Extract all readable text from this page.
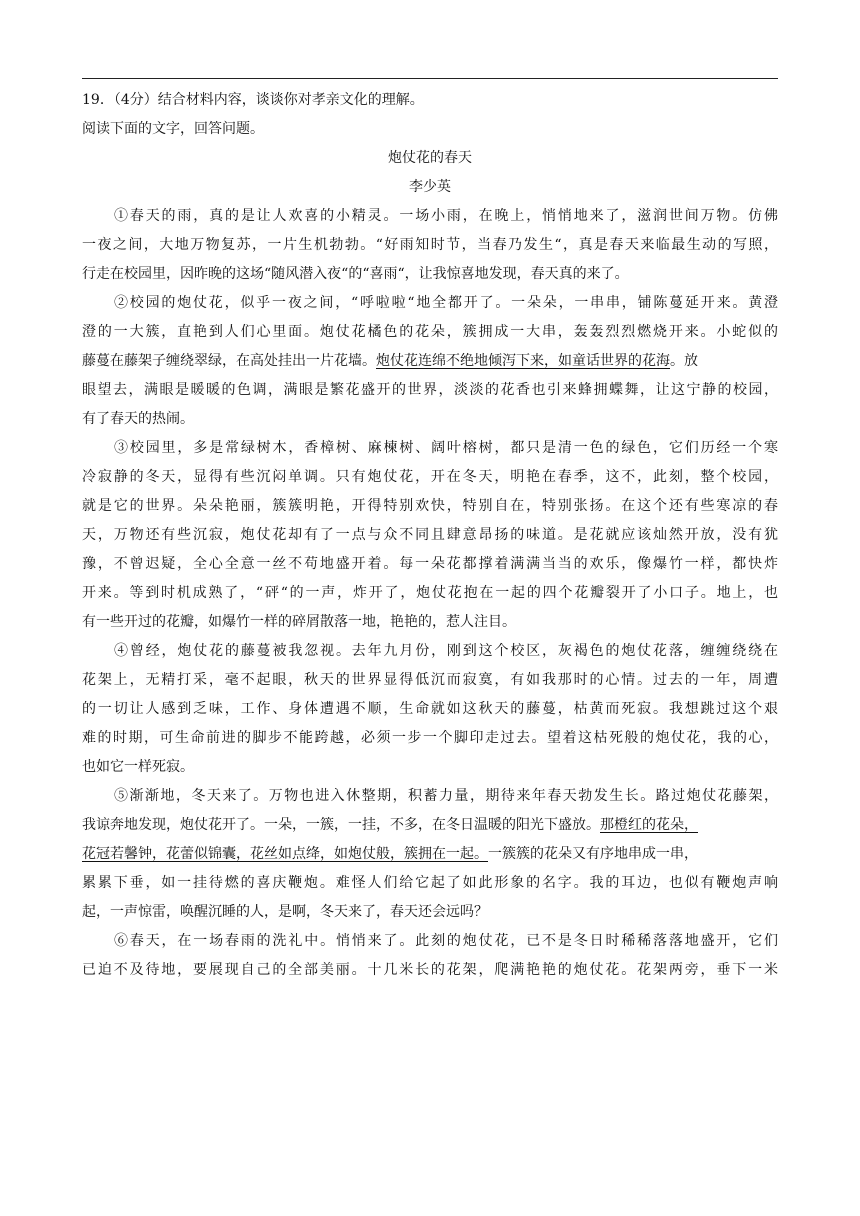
19．（4分）结合材料内容，谈谈你对孝亲文化的理解。
阅读下面的文字，回答问题。
炮仗花的春天
李少英
①春天的雨，真的是让人欢喜的小精灵。一场小雨，在晚上，悄悄地来了，滋润世间万物。仿佛
一夜之间，大地万物复苏，一片生机勃勃。“好雨知时节，当春乃发生“，真是春天来临最生动的写照，
行走在校园里，因昨晚的这场“随风潜入夜“的“喜雨“，让我惊喜地发现，春天真的来了。
②校园的炮仗花，似乎一夜之间，“呼啦啦“地全都开了。一朵朵，一串串，铺陈蔓延开来。黄澄
澄的一大簇，直艳到人们心里面。炮仗花橘色的花朵，簇拥成一大串，轰轰烈烈燃烧开来。小蛇似的
藤蔓在藤架子缠绕翠绿，在高处挂出一片花墙。炮仗花连绵不绝地倾泻下来，如童话世界的花海。放
眼望去，满眼是暖暖的色调，满眼是繁花盛开的世界，淡淡的花香也引来蜂拥蝶舞，让这宁静的校园，
有了春天的热闹。
③校园里，多是常绿树木，香樟树、麻楝树、阔叶榕树，都只是清一色的绿色，它们历经一个寒
冷寂静的冬天，显得有些沉闷单调。只有炮仗花，开在冬天，明艳在春季，这不，此刻，整个校园，
就是它的世界。朵朵艳丽，簇簇明艳，开得特别欢快，特别自在，特别张扬。在这个还有些寒凉的春
天，万物还有些沉寂，炮仗花却有了一点与众不同且肆意昂扬的味道。是花就应该灿然开放，没有犹
豫，不曾迟疑，全心全意一丝不苟地盛开着。每一朵花都撑着满满当当的欢乐，像爆竹一样，都快炸
开来。等到时机成熟了，“砰“的一声，炸开了，炮仗花抱在一起的四个花瓣裂开了小口子。地上，也
有一些开过的花瓣，如爆竹一样的碎屑散落一地，艳艳的，惹人注目。
④曾经，炮仗花的藤蔓被我忽视。去年九月份，刚到这个校区，灰褐色的炮仗花落，缠缠绕绕在
花架上，无精打采，毫不起眼，秋天的世界显得低沉而寂寞，有如我那时的心情。过去的一年，周遭
的一切让人感到乏味，工作、身体遭遇不顺，生命就如这秋天的藤蔓，枯黄而死寂。我想跳过这个艰
难的时期，可生命前进的脚步不能跨越，必须一步一个脚印走过去。望着这枯死般的炮仗花，我的心，
也如它一样死寂。
⑤渐渐地，冬天来了。万物也进入休整期，积蓄力量，期待来年春天勃发生长。路过炮仗花藤架，
我谅奔地发现，炮仗花开了。一朵，一簇，一挂，不多，在冬日温暖的阳光下盛放。那橙红的花朵，
花冠若馨钟，花蕾似锦囊，花丝如点绛，如炮仗般，簇拥在一起。一簇簇的花朵又有序地串成一串，
累累下垂，如一挂待燃的喜庆鞭炮。难怪人们给它起了如此形象的名字。我的耳边，也似有鞭炮声响
起，一声惊雷，唤醒沉睡的人，是啊，冬天来了，春天还会远吗？
⑥春天，在一场春雨的洗礼中。悄悄来了。此刻的炮仗花，已不是冬日时稀稀落落地盛开，它们
已迫不及待地，要展现自己的全部美丽。十几米长的花架，爬满艳艳的炮仗花。花架两旁，垂下一米
